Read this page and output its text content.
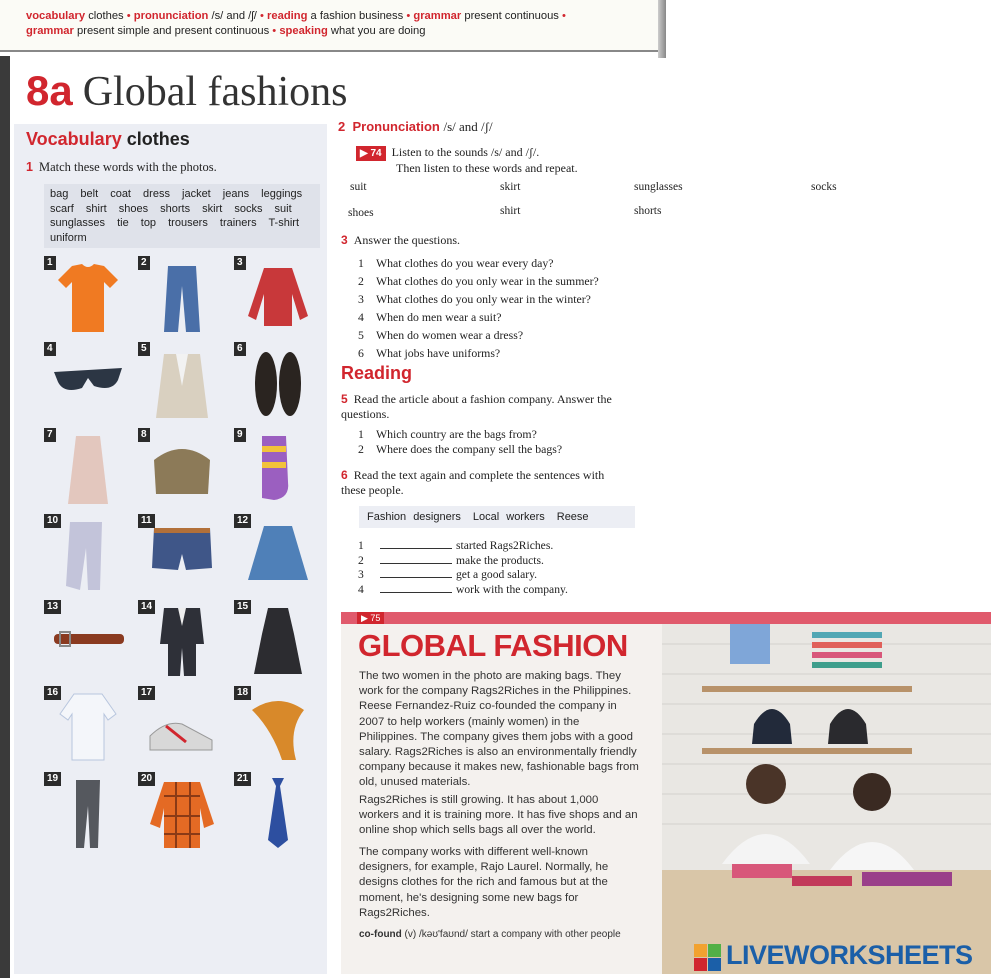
vocabulary clothes • pronunciation /s/ and /ʃ/ • reading a fashion business • grammar present continuous •
grammar present simple and present continuous • speaking what you are doing
8a Global fashions
Vocabulary clothes
1 Match these words with the photos.
bag belt coat dress jacket jeans leggings scarf shirt shoes shorts skirt socks suit sunglasses tie top trousers trainers T-shirt uniform
1	2	3
4	5	6
7	8	9
10	11	12
13	14	15
16	17	18
19	20	21
2 Pronunciation /s/ and /ʃ/
▶ 74 Listen to the sounds /s/ and /ʃ/.
Then listen to these words and repeat.
suit	skirt	sunglasses	socks
shoes	shirt	shorts
3 Answer the questions.
1 What clothes do you wear every day?
2 What clothes do you only wear in the summer?
3 What clothes do you only wear in the winter?
4 When do men wear a suit?
5 When do women wear a dress?
6 What jobs have uniforms?
Reading
5 Read the article about a fashion company. Answer the questions.
1 Which country are the bags from?
2 Where does the company sell the bags?
6 Read the text again and complete the sentences with these people.
Fashion designers Local workers Reese
1	started Rags2Riches.
2	make the products.
3	get a good salary.
4	work with the company.
▶ 75
GLOBAL FASHION
The two women in the photo are making bags. They work for the company Rags2Riches in the Philippines. Reese Fernandez-Ruiz co-founded the company in 2007 to help workers (mainly women) in the Philippines. The company gives them jobs with a good salary. Rags2Riches is also an environmentally friendly company because it makes new, fashionable bags from old, unused materials.
Rags2Riches is still growing. It has about 1,000 workers and it is training more. It has five shops and an online shop which sells bags all over the world.
The company works with different well-known designers, for example, Rajo Laurel. Normally, he designs clothes for the rich and famous but at the moment, he's designing some new bags for Rags2Riches.
co-found (v) /kəʊ'faʊnd/ start a company with other people
LIVEWORKSHEETS
